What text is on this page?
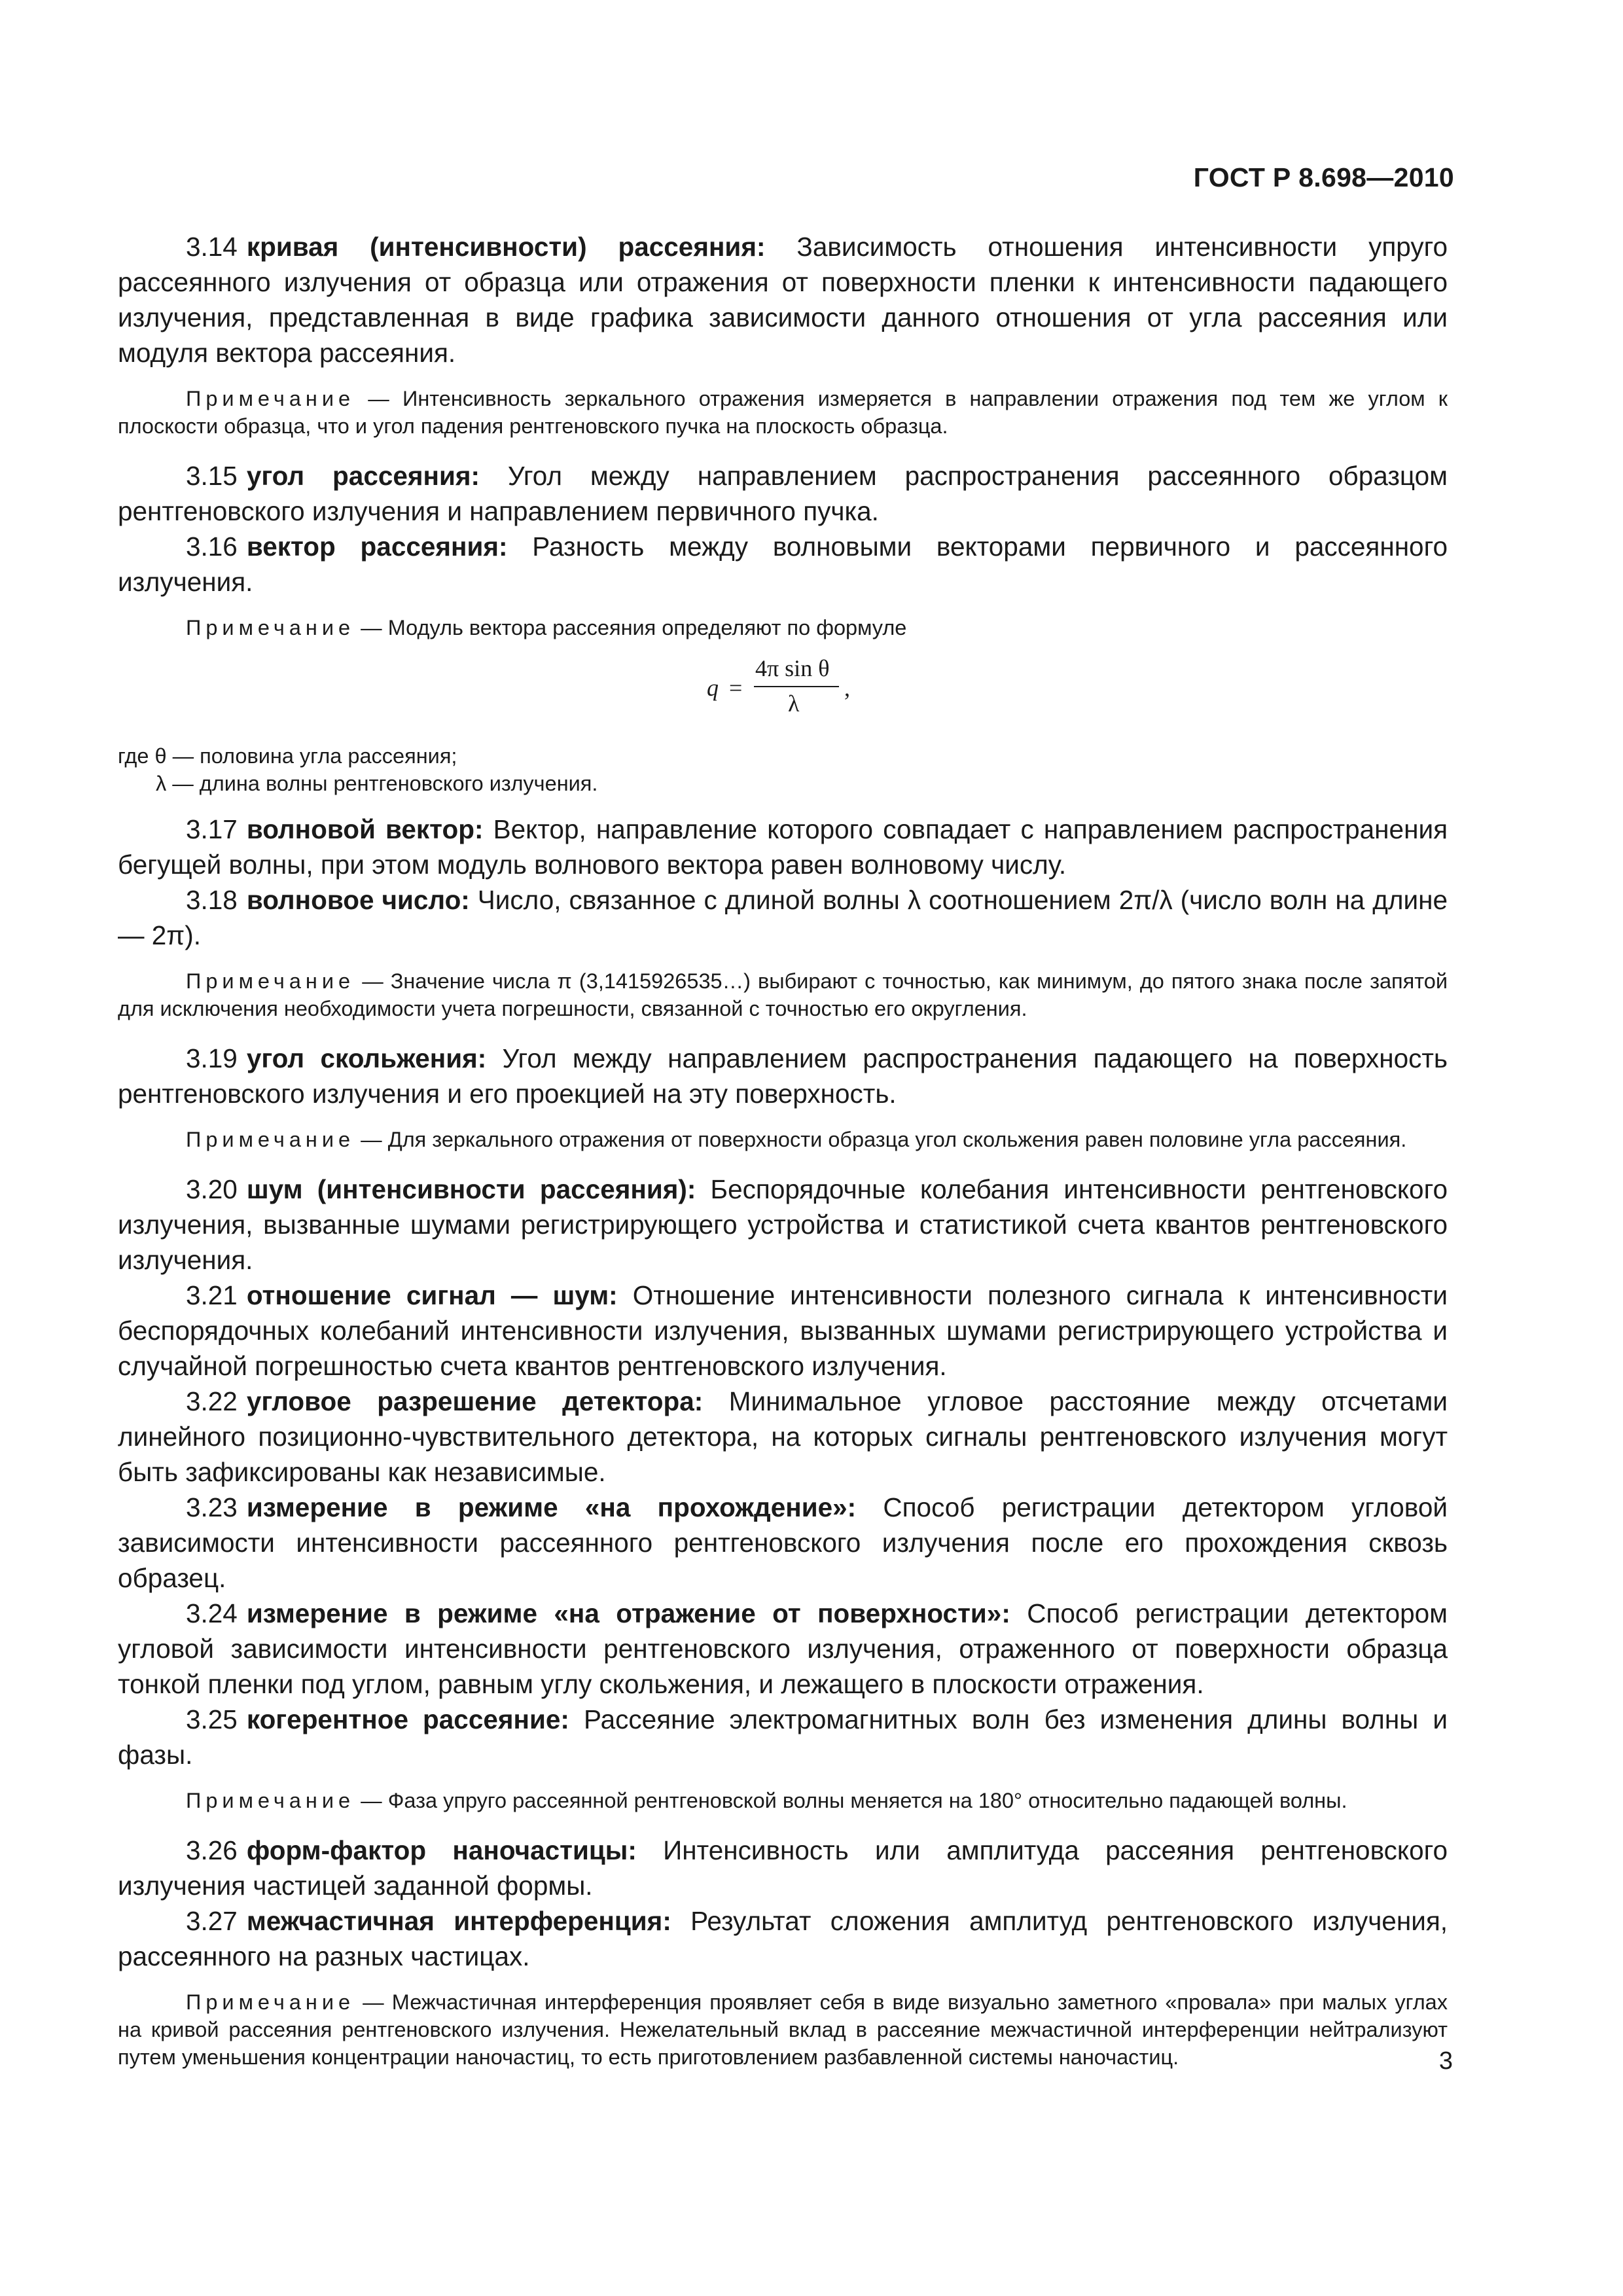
ГОСТ Р 8.698—2010

3.14 кривая (интенсивности) рассеяния: Зависимость отношения интенсивности упруго рассеянного излучения от образца или отражения от поверхности пленки к интенсивности падающего излучения, представленная в виде графика зависимости данного отношения от угла рассеяния или модуля вектора рассеяния.

Примечание — Интенсивность зеркального отражения измеряется в направлении отражения под тем же углом к плоскости образца, что и угол падения рентгеновского пучка на плоскость образца.

3.15 угол рассеяния: Угол между направлением распространения рассеянного образцом рентгеновского излучения и направлением первичного пучка.

3.16 вектор рассеяния: Разность между волновыми векторами первичного и рассеянного излучения.

Примечание — Модуль вектора рассеяния определяют по формуле

q =
4π sin θ
λ
,

где θ — половина угла рассеяния;

λ — длина волны рентгеновского излучения.

3.17 волновой вектор: Вектор, направление которого совпадает с направлением распространения бегущей волны, при этом модуль волнового вектора равен волновому числу.

3.18 волновое число: Число, связанное с длиной волны λ соотношением 2π/λ (число волн на длине — 2π).

Примечание — Значение числа π (3,1415926535…) выбирают с точностью, как минимум, до пятого знака после запятой для исключения необходимости учета погрешности, связанной с точностью его округления.

3.19 угол скольжения: Угол между направлением распространения падающего на поверхность рентгеновского излучения и его проекцией на эту поверхность.

Примечание — Для зеркального отражения от поверхности образца угол скольжения равен половине угла рассеяния.

3.20 шум (интенсивности рассеяния): Беспорядочные колебания интенсивности рентгеновского излучения, вызванные шумами регистрирующего устройства и статистикой счета квантов рентгеновского излучения.

3.21 отношение сигнал — шум: Отношение интенсивности полезного сигнала к интенсивности беспорядочных колебаний интенсивности излучения, вызванных шумами регистрирующего устройства и случайной погрешностью счета квантов рентгеновского излучения.

3.22 угловое разрешение детектора: Минимальное угловое расстояние между отсчетами линейного позиционно-чувствительного детектора, на которых сигналы рентгеновского излучения могут быть зафиксированы как независимые.

3.23 измерение в режиме «на прохождение»: Способ регистрации детектором угловой зависимости интенсивности рассеянного рентгеновского излучения после его прохождения сквозь образец.

3.24 измерение в режиме «на отражение от поверхности»: Способ регистрации детектором угловой зависимости интенсивности рентгеновского излучения, отраженного от поверхности образца тонкой пленки под углом, равным углу скольжения, и лежащего в плоскости отражения.

3.25 когерентное рассеяние: Рассеяние электромагнитных волн без изменения длины волны и фазы.

Примечание — Фаза упруго рассеянной рентгеновской волны меняется на 180° относительно падающей волны.

3.26 форм-фактор наночастицы: Интенсивность или амплитуда рассеяния рентгеновского излучения частицей заданной формы.

3.27 межчастичная интерференция: Результат сложения амплитуд рентгеновского излучения, рассеянного на разных частицах.

Примечание — Межчастичная интерференция проявляет себя в виде визуально заметного «провала» при малых углах на кривой рассеяния рентгеновского излучения. Нежелательный вклад в рассеяние межчастичной интерференции нейтрализуют путем уменьшения концентрации наночастиц, то есть приготовлением разбавленной системы наночастиц.	3
